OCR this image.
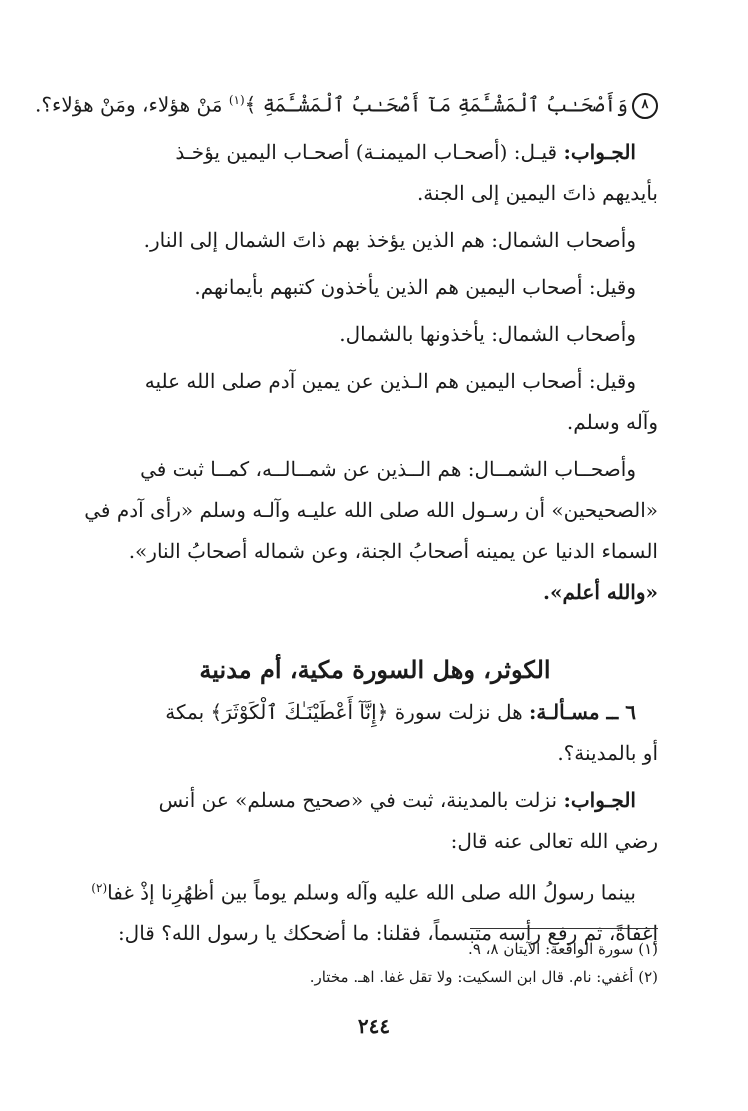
٨وَأَصْحَـٰبُ ٱلْمَشْـَٔمَةِ مَآ أَصْحَـٰبُ ٱلْمَشْـَٔمَةِ ﴾$^{(١)}$ مَنْ هؤلاء، ومَنْ هؤلاء؟.
الجـواب: قيـل: (أصحـاب الميمنـة) أصحـاب اليمين يؤخـذ
بأيديهم ذاتَ اليمين إلى الجنة.
وأصحاب الشمال: هم الذين يؤخذ بهم ذاتَ الشمال إلى النار.
وقيل: أصحاب اليمين هم الذين يأخذون كتبهم بأيمانهم.
وأصحاب الشمال: يأخذونها بالشمال.
وقيل: أصحاب اليمين هم الـذين عن يمين آدم صلى الله عليه
وآله وسلم.
وأصحــاب الشمــال: هم الــذين عن شمــالــه، كمــا ثبت في
«الصحيحين» أن رسـول الله صلى الله عليـه وآلـه وسلم «رأى آدم في
السماء الدنيا عن يمينه أصحابُ الجنة، وعن شماله أصحابُ النار».
«والله أعلم».
الكوثر، وهل السورة مكية، أم مدنية
٦ ــ مسـألـة: هل نزلت سورة ﴿إِنَّآ أَعْطَيْنَـٰكَ ٱلْكَوْثَرَ﴾ بمكة
أو بالمدينة؟.
الجـواب: نزلت بالمدينة، ثبت في «صحيح مسلم» عن أنس
رضي الله تعالى عنه قال:
بينما رسولُ الله صلى الله عليه وآله وسلم يوماً بين أظهُرِنا إذْ غفا$^{(٢)}$
إغفاةً، ثم رفع رأسه متبسماً، فقلنا: ما أضحكك يا رسول الله؟ قال:
(١) سورة الواقعة: الآيتان ٨، ٩.
(٢) أغفي: نام. قال ابن السكيت: ولا تقل غفا. اهـ. مختار.
٢٤٤
